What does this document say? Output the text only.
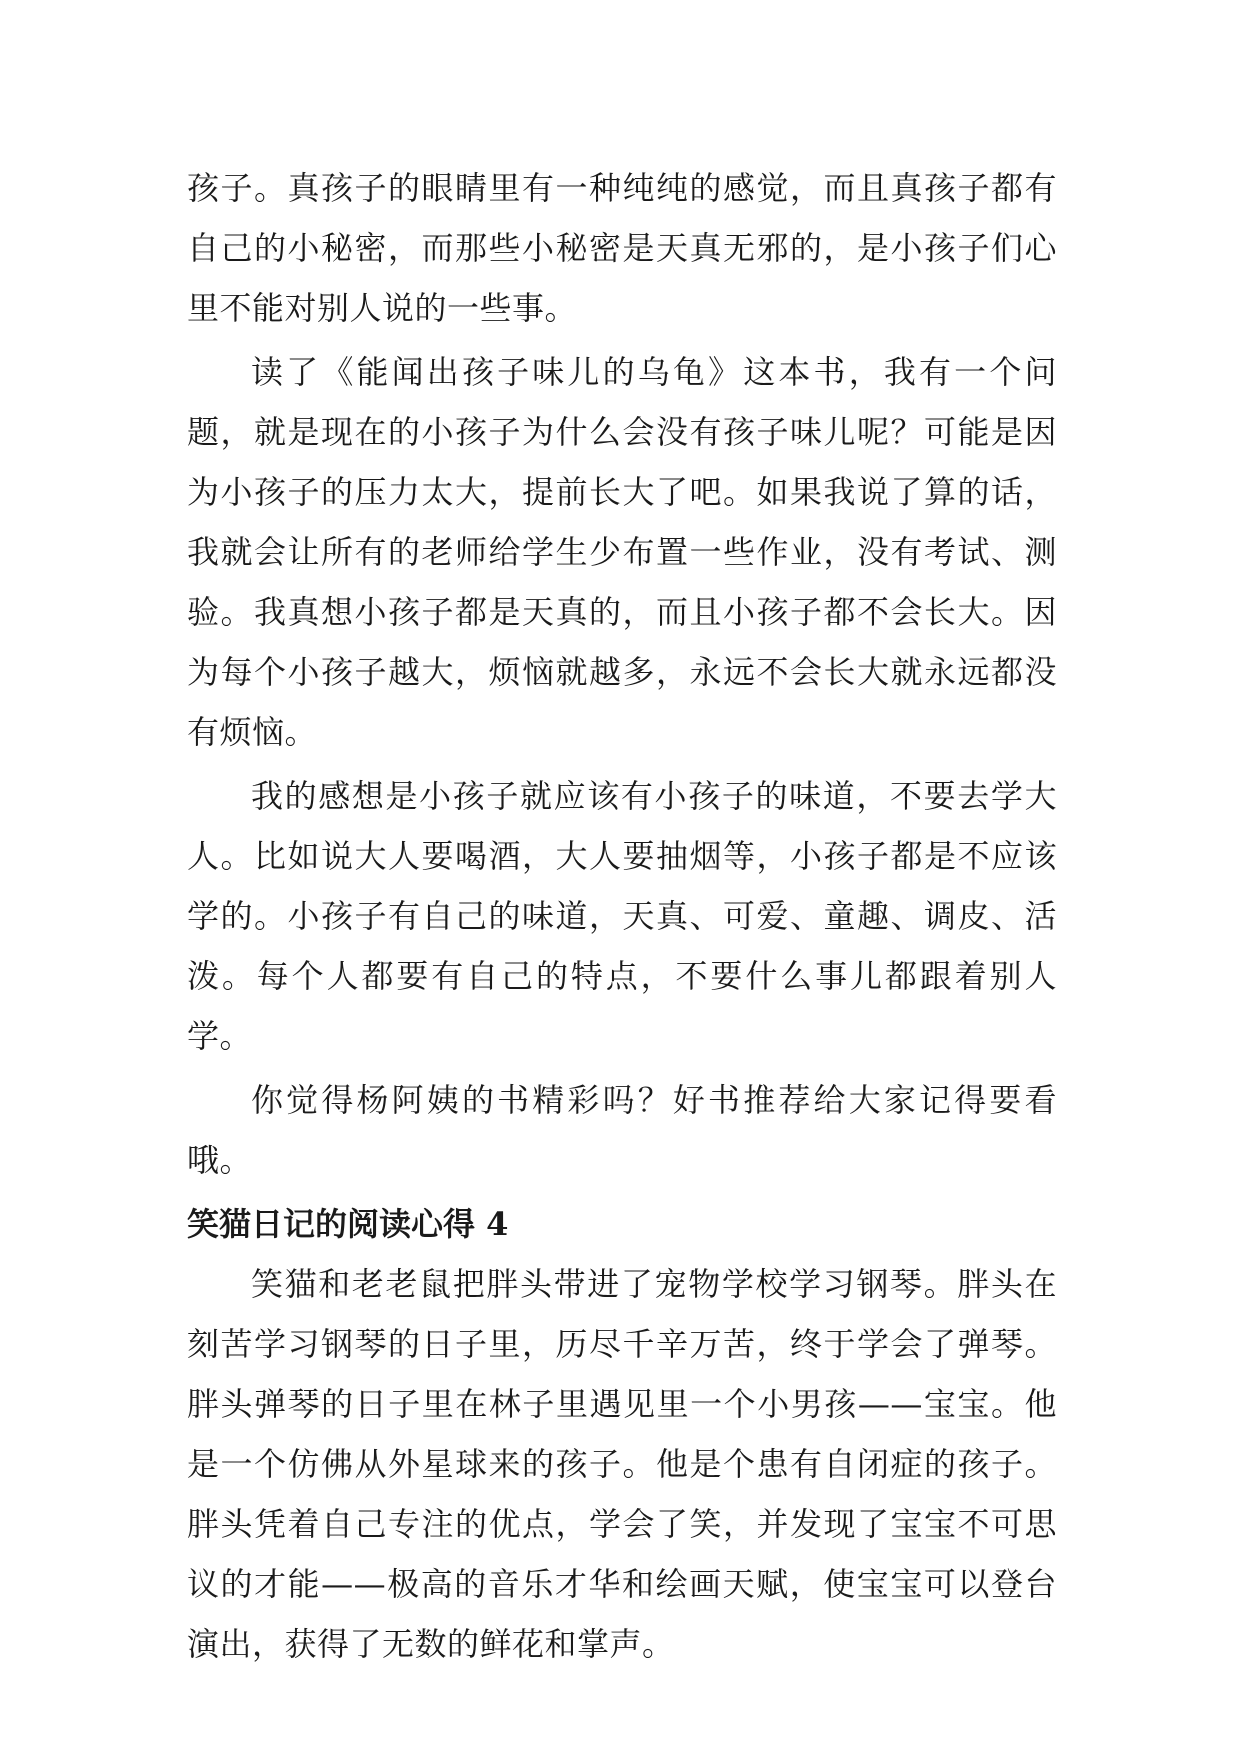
孩子。真孩子的眼睛里有一种纯纯的感觉，而且真孩子都有自己的小秘密，而那些小秘密是天真无邪的，是小孩子们心里不能对别人说的一些事。

读了《能闻出孩子味儿的乌龟》这本书，我有一个问题，就是现在的小孩子为什么会没有孩子味儿呢？可能是因为小孩子的压力太大，提前长大了吧。如果我说了算的话，我就会让所有的老师给学生少布置一些作业，没有考试、测验。我真想小孩子都是天真的，而且小孩子都不会长大。因为每个小孩子越大，烦恼就越多，永远不会长大就永远都没有烦恼。

我的感想是小孩子就应该有小孩子的味道，不要去学大人。比如说大人要喝酒，大人要抽烟等，小孩子都是不应该学的。小孩子有自己的味道，天真、可爱、童趣、调皮、活泼。每个人都要有自己的特点，不要什么事儿都跟着别人学。

你觉得杨阿姨的书精彩吗？好书推荐给大家记得要看哦。

笑猫日记的阅读心得 4

笑猫和老老鼠把胖头带进了宠物学校学习钢琴。胖头在刻苦学习钢琴的日子里，历尽千辛万苦，终于学会了弹琴。胖头弹琴的日子里在林子里遇见里一个小男孩——宝宝。他是一个仿佛从外星球来的孩子。他是个患有自闭症的孩子。胖头凭着自己专注的优点，学会了笑，并发现了宝宝不可思议的才能——极高的音乐才华和绘画天赋，使宝宝可以登台演出，获得了无数的鲜花和掌声。
